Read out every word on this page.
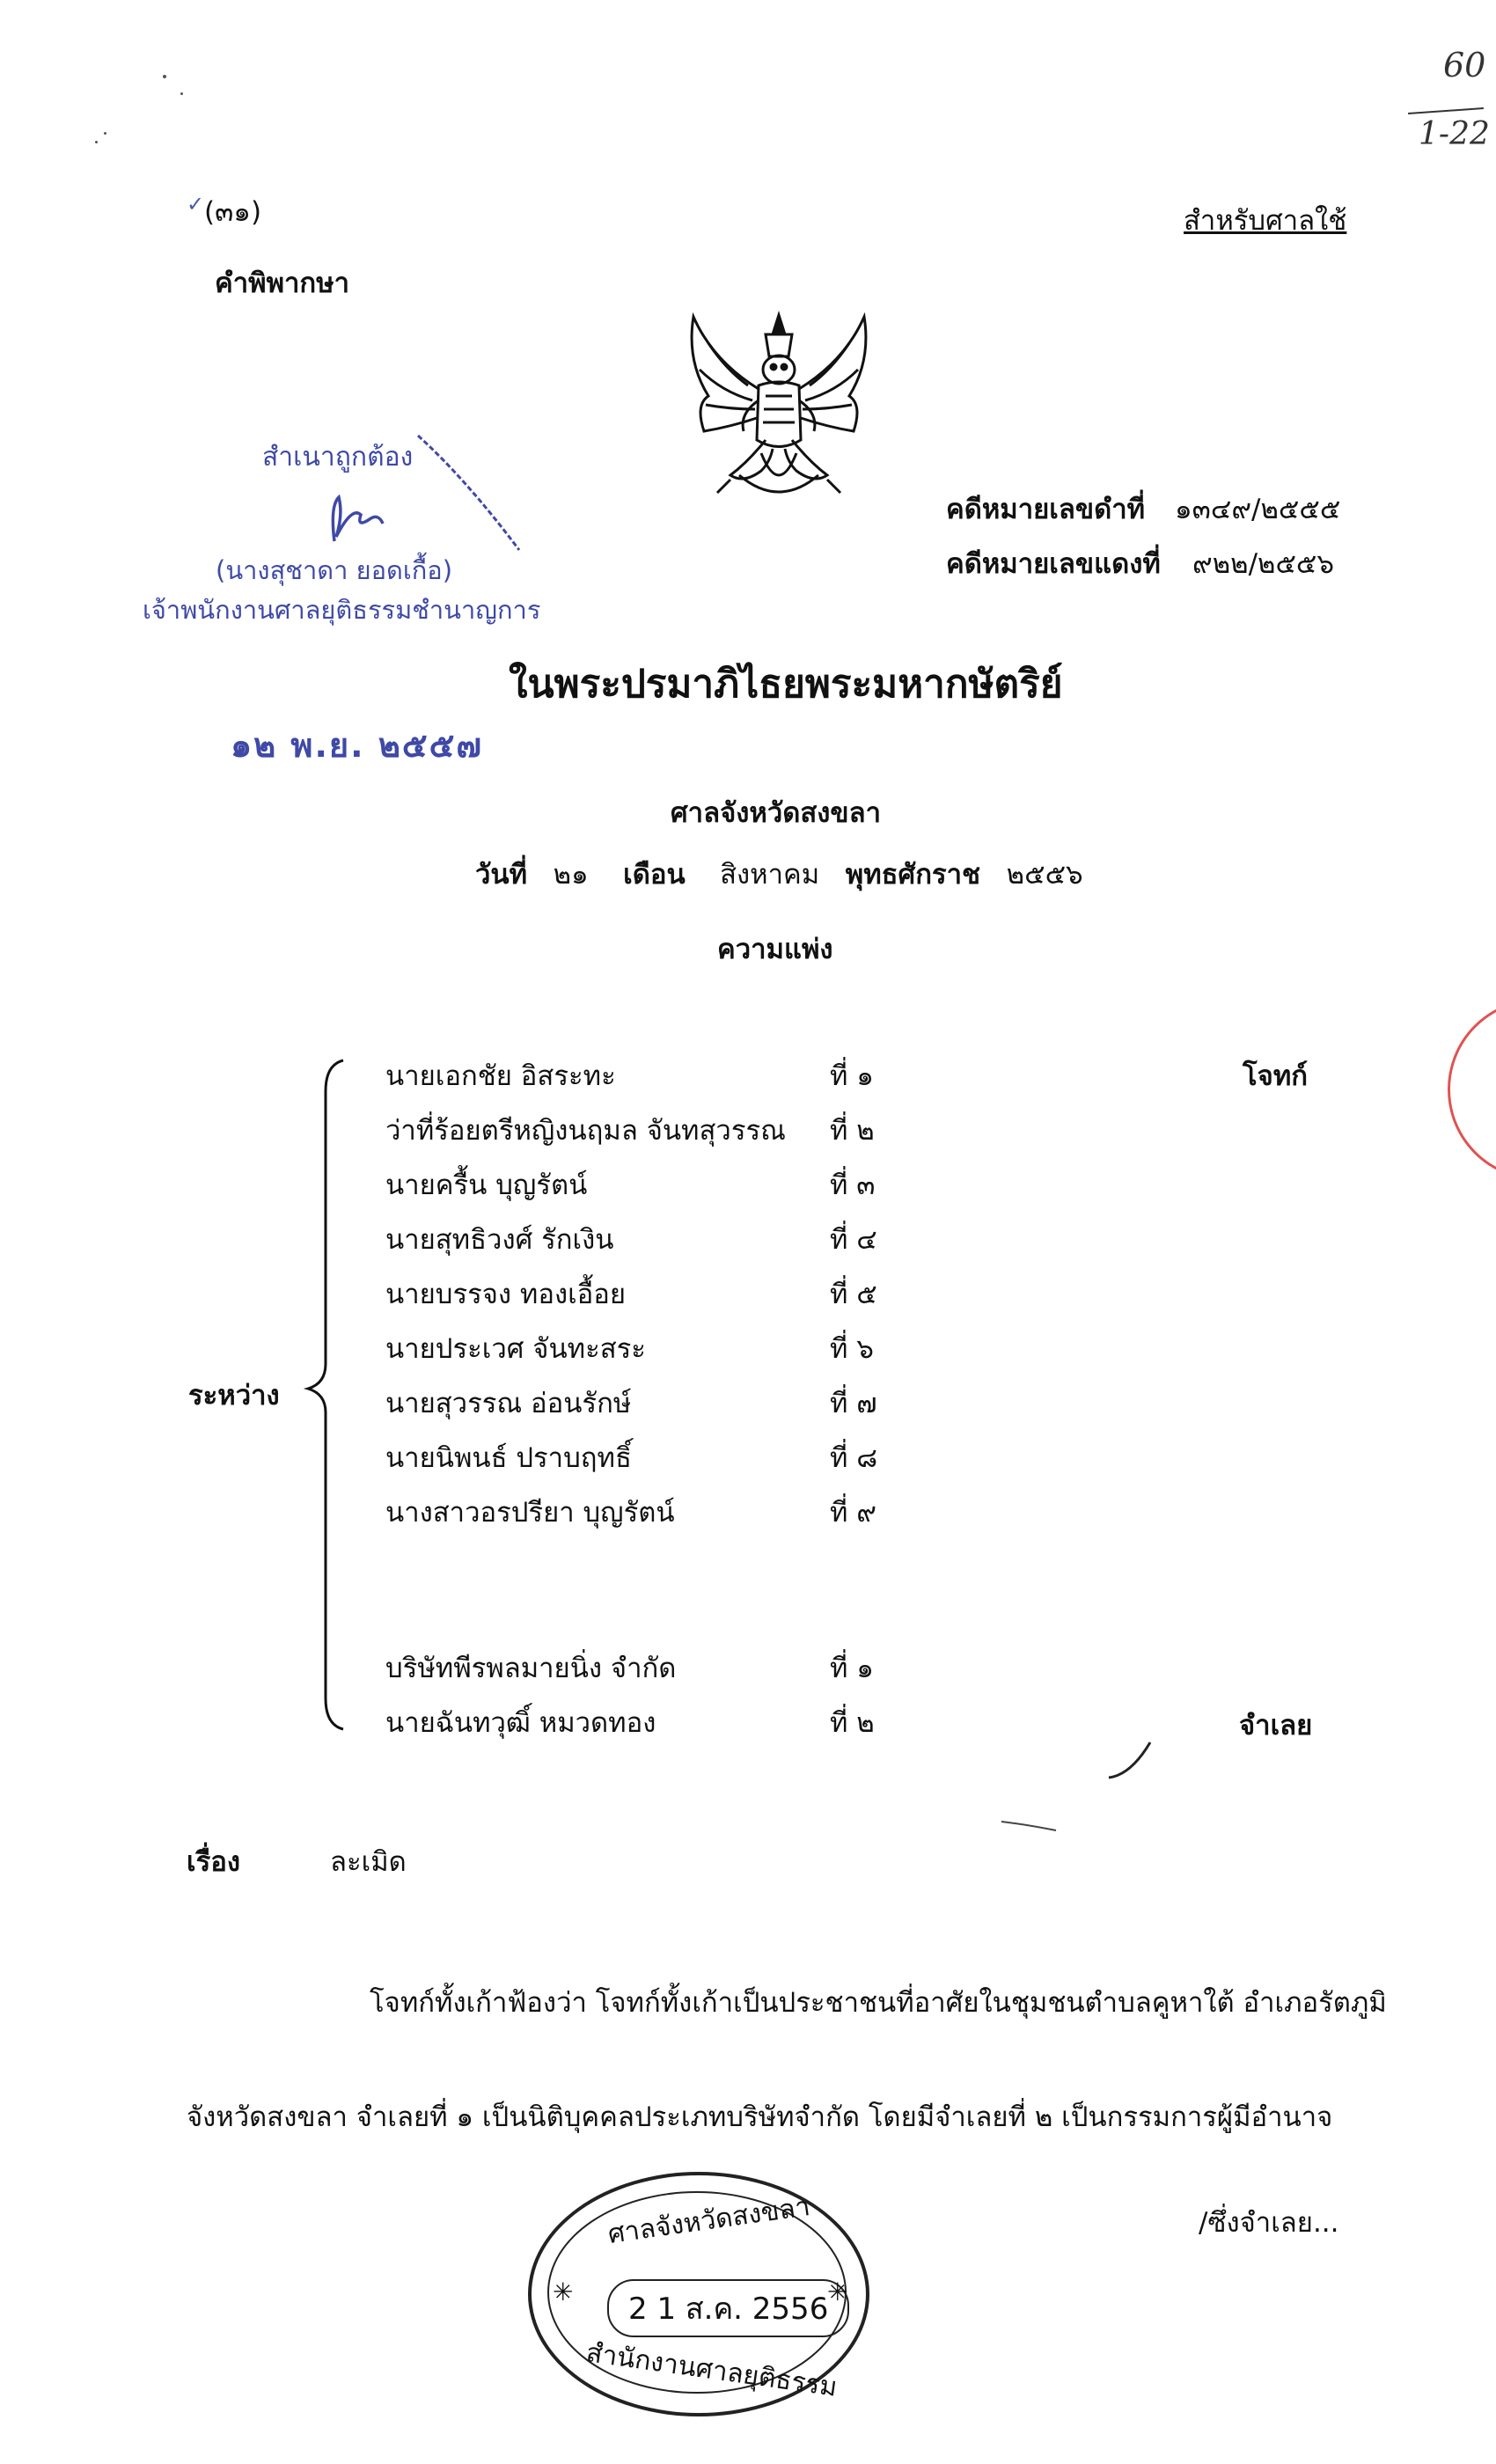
60
1-22
✓ (๓๑)	สำหรับศาลใช้
คำพิพากษา
สำเนาถูกต้อง
(นางสุชาดา ยอดเกื้อ)
เจ้าพนักงานศาลยุติธรรมชำนาญการ
๑๒ พ.ย. ๒๕๕๗
คดีหมายเลขดำที่ ๑๓๔๙/๒๕๕๕
คดีหมายเลขแดงที่ ๙๒๒/๒๕๕๖
ในพระปรมาภิไธยพระมหากษัตริย์
ศาลจังหวัดสงขลา
วันที่ ๒๑ เดือน สิงหาคม พุทธศักราช ๒๕๕๖
ความแพ่ง
ระหว่าง
นายเอกชัย อิสระทะ	ที่ ๑
ว่าที่ร้อยตรีหญิงนฤมล จันทสุวรรณ ที่ ๒
นายครื้น บุญรัตน์	ที่ ๓
นายสุทธิวงศ์ รักเงิน	ที่ ๔
นายบรรจง ทองเอื้อย	ที่ ๕
นายประเวศ จันทะสระ	ที่ ๖
นายสุวรรณ อ่อนรักษ์	ที่ ๗
นายนิพนธ์ ปราบฤทธิ์	ที่ ๘
นางสาวอรปรียา บุญรัตน์	ที่ ๙
โจทก์
บริษัทพีรพลมายนิ่ง จำกัด	ที่ ๑
นายฉันทวุฒิ์ หมวดทอง	ที่ ๒	จำเลย
เรื่อง	ละเมิด
โจทก์ทั้งเก้าฟ้องว่า โจทก์ทั้งเก้าเป็นประชาชนที่อาศัยในชุมชนตำบลคูหาใต้ อำเภอรัตภูมิ
จังหวัดสงขลา จำเลยที่ ๑ เป็นนิติบุคคลประเภทบริษัทจำกัด โดยมีจำเลยที่ ๒ เป็นกรรมการผู้มีอำนาจ
/ซึ่งจำเลย...
ศาลจังหวัดสงขลา
✳	2 1 ส.ค. 2556
✳
สำนักงานศาลยุติธรรม
